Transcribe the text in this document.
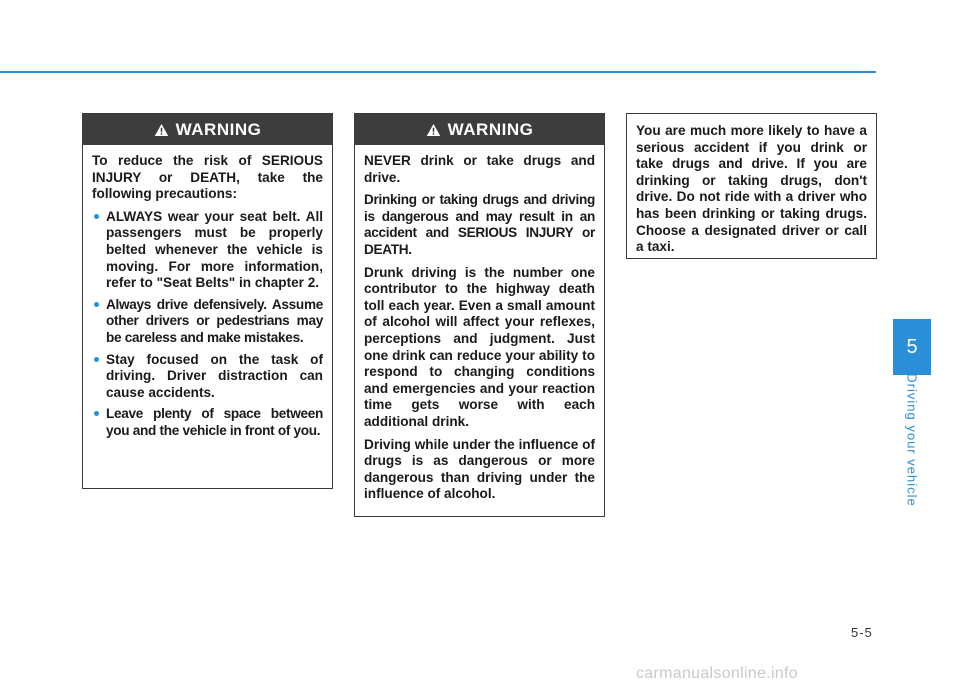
WARNING

To reduce the risk of SERIOUS INJURY or DEATH, take the following precautions:

ALWAYS wear your seat belt. All passengers must be properly belted whenever the vehicle is moving. For more information, refer to "Seat Belts" in chapter 2.
Always drive defensively. Assume other drivers or pedestrians may be careless and make mistakes.
Stay focused on the task of driving. Driver distraction can cause accidents.
Leave plenty of space between you and the vehicle in front of you.
WARNING

NEVER drink or take drugs and drive.

Drinking or taking drugs and driving is dangerous and may result in an accident and SERIOUS INJURY or DEATH.

Drunk driving is the number one contributor to the highway death toll each year. Even a small amount of alcohol will affect your reflexes, perceptions and judgment. Just one drink can reduce your ability to respond to changing conditions and emergencies and your reaction time gets worse with each additional drink.

Driving while under the influence of drugs is as dangerous or more dangerous than driving under the influence of alcohol.

You are much more likely to have a serious accident if you drink or take drugs and drive. If you are drinking or taking drugs, don't drive. Do not ride with a driver who has been drinking or taking drugs. Choose a designated driver or call a taxi.

5
Driving your vehicle
5-5
carmanualsonline.info
